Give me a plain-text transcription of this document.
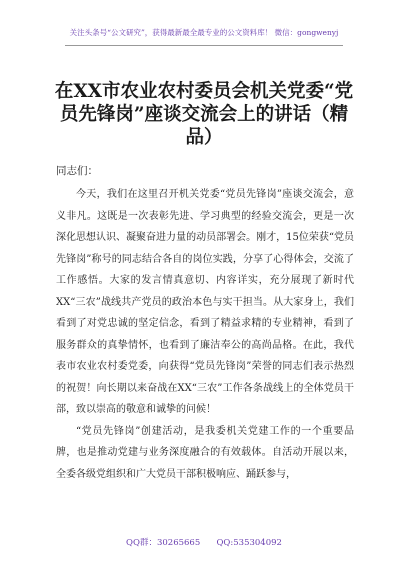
关注头条号“公文研究”，获得最新最全最专业的公文资料库！ 微信：gongwenyj
在XX市农业农村委员会机关党委“党员先锋岗”座谈交流会上的讲话（精品）
同志们：

今天，我们在这里召开机关党委“党员先锋岗”座谈交流会，意义非凡。这既是一次表彰先进、学习典型的经验交流会，更是一次深化思想认识、凝聚奋进力量的动员部署会。刚才，15位荣获“党员先锋岗”称号的同志结合各自的岗位实践，分享了心得体会，交流了工作感悟。大家的发言情真意切、内容详实，充分展现了新时代XX“三农”战线共产党员的政治本色与实干担当。从大家身上，我们看到了对党忠诚的坚定信念，看到了精益求精的专业精神，看到了服务群众的真挚情怀，也看到了廉洁奉公的高尚品格。在此，我代表市农业农村委党委，向获得“党员先锋岗”荣誉的同志们表示热烈的祝贺！向长期以来奋战在XX“三农”工作各条战线上的全体党员干部，致以崇高的敬意和诚挚的问候！

“党员先锋岗”创建活动，是我委机关党建工作的一个重要品牌，也是推动党建与业务深度融合的有效载体。自活动开展以来，全委各级党组织和广大党员干部积极响应、踊跃参与，

QQ群：30265665 QQ:535304092
